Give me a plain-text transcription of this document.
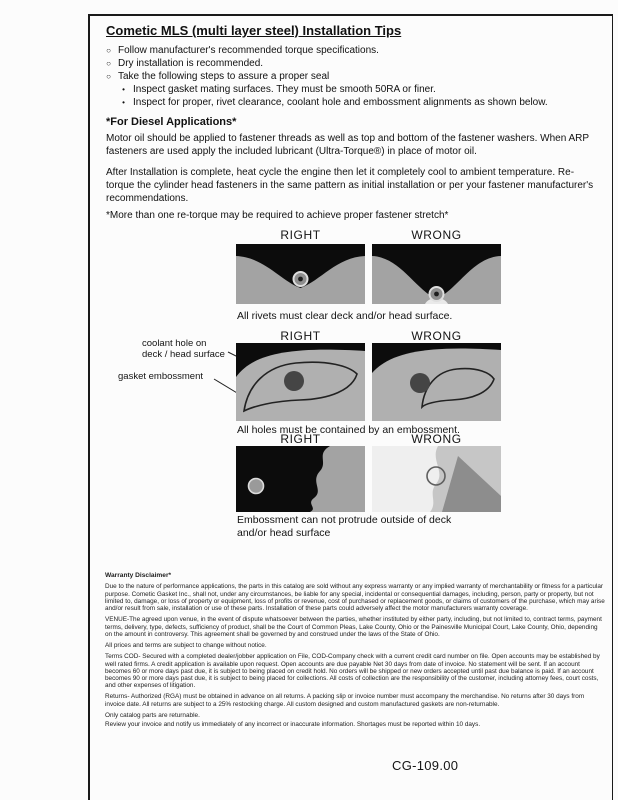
Cometic MLS (multi layer steel) Installation Tips
○ Follow manufacturer's recommended torque specifications.
○ Dry installation is recommended.
○ Take the following steps to assure a proper seal
• Inspect gasket mating surfaces. They must be smooth 50RA or finer.
• Inspect for proper, rivet clearance, coolant hole and embossment alignments as shown below.
*For Diesel Applications*
Motor oil should be applied to fastener threads as well as top and bottom of the fastener washers. When ARP fasteners are used apply the included lubricant (Ultra-Torque®) in place of motor oil.
After Installation is complete, heat cycle the engine then let it completely cool to ambient temperature. Re-torque the cylinder head fasteners in the same pattern as initial installation or per your fastener manufacturer's recommendations.
*More than one re-torque may be required to achieve proper fastener stretch*
RIGHT	WRONG
All rivets must clear deck and/or head surface.
RIGHT	WRONG
coolant hole on deck / head surface
gasket embossment
All holes must be contained by an embossment.
RIGHT	WRONG
Embossment can not protrude outside of deck and/or head surface

Warranty Disclaimer*

Due to the nature of performance applications, the parts in this catalog are sold without any express warranty or any implied warranty of merchantability or fitness for a particular purpose. Cometic Gasket Inc., shall not, under any circumstances, be liable for any special, incidental or consequential damages, including, person, party or property, but not limited to, damage, or loss of property or equipment, loss of profits or revenue, cost of purchased or replacement goods, or claims of customers of the purchase, which may arise and/or result from sale, installation or use of these parts. Installation of these parts could adversely affect the motor manufacturers warranty coverage.

VENUE-The agreed upon venue, in the event of dispute whatsoever between the parties, whether instituted by either party, including, but not limited to, contract terms, payment terms, delivery, type, defects, sufficiency of product, shall be the Court of Common Pleas, Lake County, Ohio or the Painesville Municipal Court, Lake County, Ohio, depending on the amount in controversy. This agreement shall be governed by and construed under the laws of the State of Ohio.

All prices and terms are subject to change without notice.

Terms COD- Secured with a completed dealer/jobber application on File, COD-Company check with a current credit card number on file. Open accounts may be established by well rated firms. A credit application is available upon request. Open accounts are due payable Net 30 days from date of invoice. No statement will be sent. If an account becomes 60 or more days past due, it is subject to being placed on credit hold. No orders will be shipped or new orders accepted until past due balance is paid. If an account becomes 90 or more days past due, it is subject to being placed for collections. All costs of collection are the responsibility of the customer, including attorney fees, court costs, and other expenses of litigation.

Returns- Authorized (RGA) must be obtained in advance on all returns. A packing slip or invoice number must accompany the merchandise. No returns after 30 days from invoice date. All returns are subject to a 25% restocking charge. All custom designed and custom manufactured gaskets are non-returnable.

Only catalog parts are returnable.

Review your invoice and notify us immediately of any incorrect or inaccurate information. Shortages must be reported within 10 days.

CG-109.00
